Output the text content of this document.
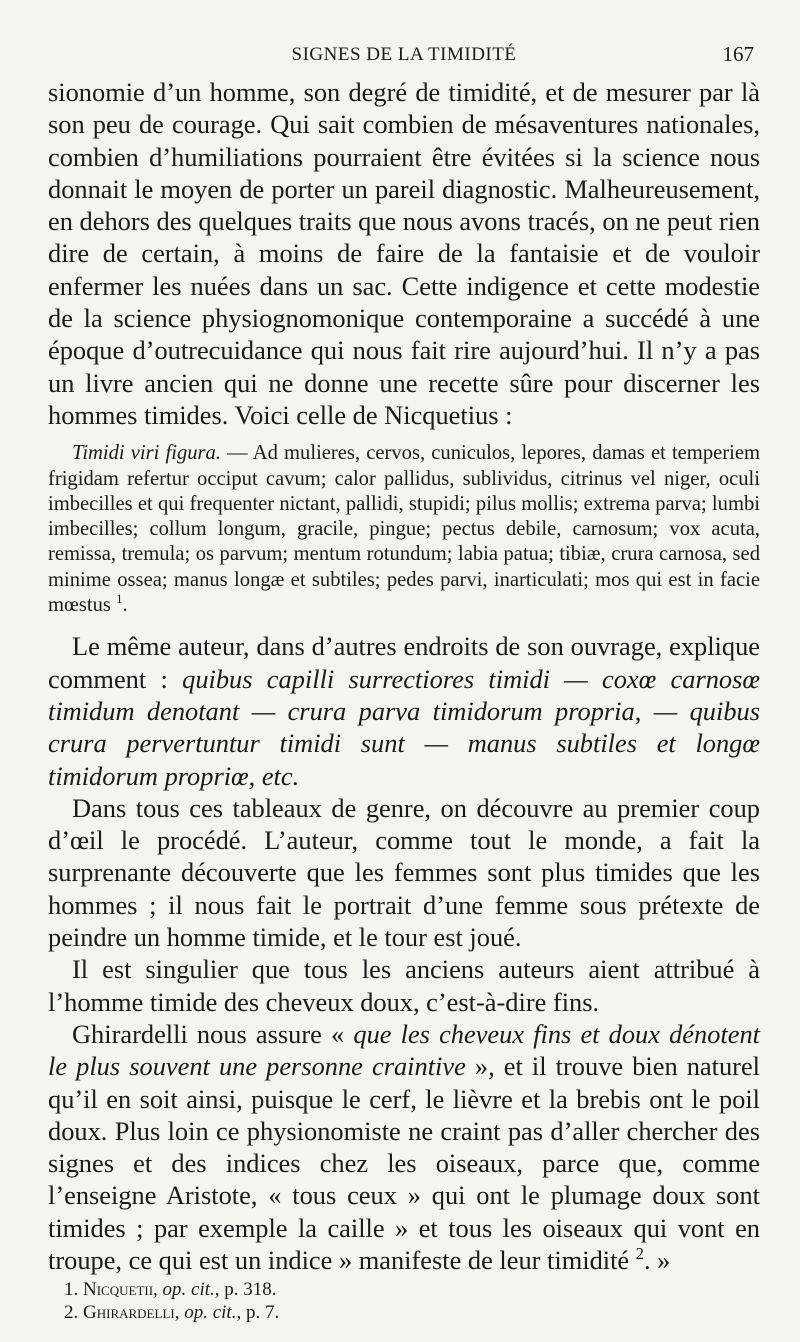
SIGNES DE LA TIMIDITÉ	167

sionomie d’un homme, son degré de timidité, et de mesurer par là son peu de courage. Qui sait combien de mésaventures nationales, combien d’humiliations pourraient être évitées si la science nous donnait le moyen de porter un pareil diagnostic. Malheureusement, en dehors des quelques traits que nous avons tracés, on ne peut rien dire de certain, à moins de faire de la fantaisie et de vouloir enfermer les nuées dans un sac. Cette indigence et cette modestie de la science physiognomonique contemporaine a succédé à une époque d’outrecuidance qui nous fait rire aujourd’hui. Il n’y a pas un livre ancien qui ne donne une recette sûre pour discerner les hommes timides. Voici celle de Nicquetius :

Timidi viri figura. — Ad mulieres, cervos, cuniculos, lepores, damas et temperiem frigidam refertur occiput cavum; calor pallidus, sublividus, citrinus vel niger, oculi imbecilles et qui frequenter nictant, pallidi, stupidi; pilus mollis; extrema parva; lumbi imbecilles; collum longum, gracile, pingue; pectus debile, carnosum; vox acuta, remissa, tremula; os parvum; mentum rotundum; labia patua; tibiæ, crura carnosa, sed minime ossea; manus longæ et subtiles; pedes parvi, inarticulati; mos qui est in facie mœstus $^1$.

Le même auteur, dans d’autres endroits de son ouvrage, explique comment : quibus capilli surrectiores timidi — coxœ carnosœ timidum denotant — crura parva timidorum propria, — quibus crura pervertuntur timidi sunt — manus subtiles et longœ timidorum propriœ, etc.

Dans tous ces tableaux de genre, on découvre au premier coup d’œil le procédé. L’auteur, comme tout le monde, a fait la surprenante découverte que les femmes sont plus timides que les hommes ; il nous fait le portrait d’une femme sous prétexte de peindre un homme timide, et le tour est joué.

Il est singulier que tous les anciens auteurs aient attribué à l’homme timide des cheveux doux, c’est-à-dire fins.

Ghirardelli nous assure « que les cheveux fins et doux dénotent le plus souvent une personne craintive », et il trouve bien naturel qu’il en soit ainsi, puisque le cerf, le lièvre et la brebis ont le poil doux. Plus loin ce physionomiste ne craint pas d’aller chercher des signes et des indices chez les oiseaux, parce que, comme l’enseigne Aristote, « tous ceux » qui ont le plumage doux sont timides ; par exemple la caille » et tous les oiseaux qui vont en troupe, ce qui est un indice » manifeste de leur timidité $^2$. »

1. Nicquetii, op. cit., p. 318.
2. Ghirardelli, op. cit., p. 7.
